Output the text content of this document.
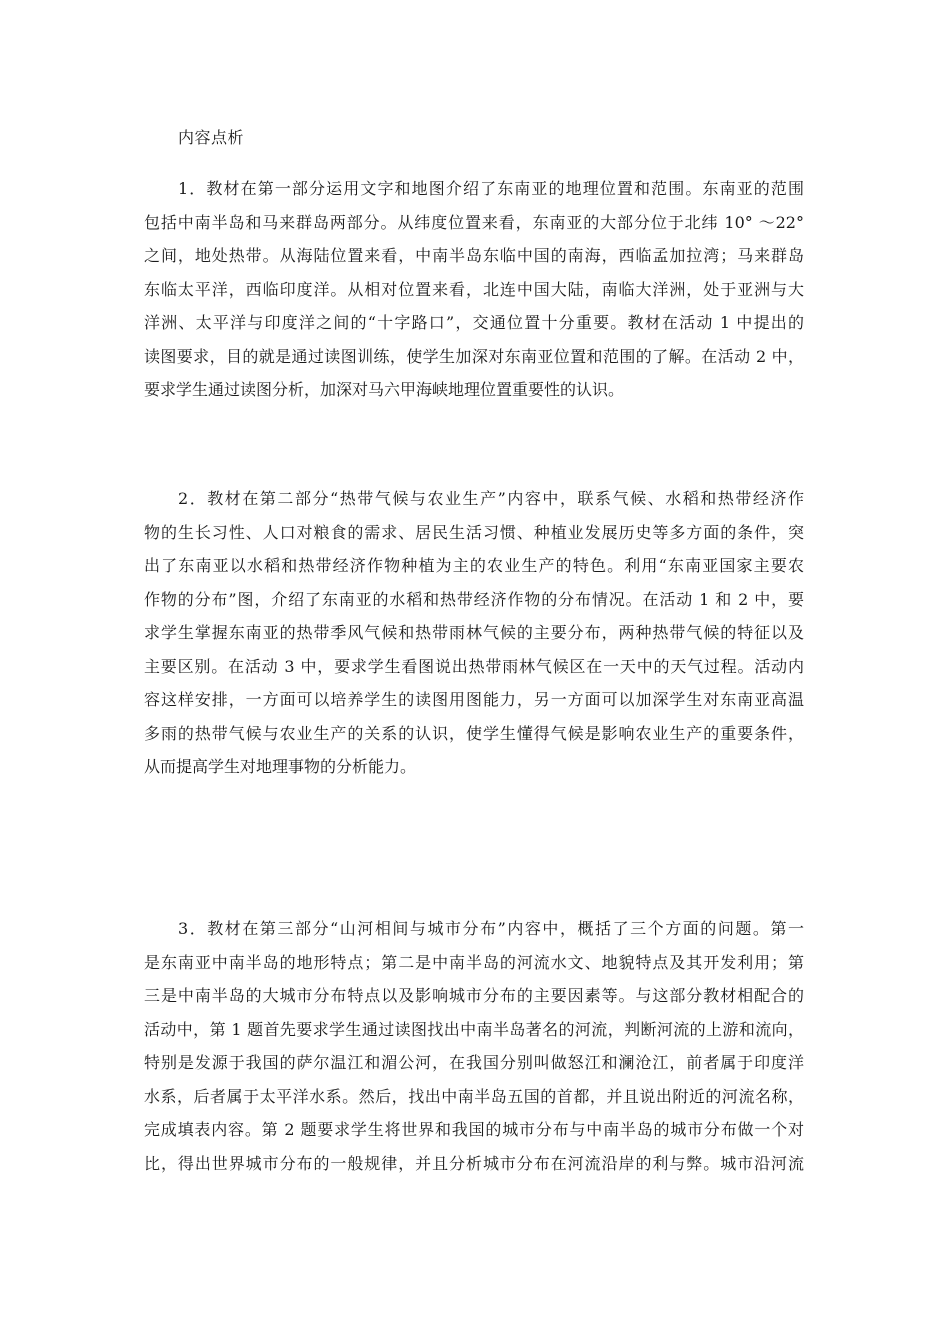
内容点析
1．教材在第一部分运用文字和地图介绍了东南亚的地理位置和范围。东南亚的范围
包括中南半岛和马来群岛两部分。从纬度位置来看，东南亚的大部分位于北纬 10° ～22°
之间，地处热带。从海陆位置来看，中南半岛东临中国的南海，西临孟加拉湾；马来群岛
东临太平洋，西临印度洋。从相对位置来看，北连中国大陆，南临大洋洲，处于亚洲与大
洋洲、太平洋与印度洋之间的“十字路口”，交通位置十分重要。教材在活动 1 中提出的
读图要求，目的就是通过读图训练，使学生加深对东南亚位置和范围的了解。在活动 2 中，
要求学生通过读图分析，加深对马六甲海峡地理位置重要性的认识。
2．教材在第二部分“热带气候与农业生产”内容中，联系气候、水稻和热带经济作
物的生长习性、人口对粮食的需求、居民生活习惯、种植业发展历史等多方面的条件，突
出了东南亚以水稻和热带经济作物种植为主的农业生产的特色。利用“东南亚国家主要农
作物的分布”图，介绍了东南亚的水稻和热带经济作物的分布情况。在活动 1 和 2 中，要
求学生掌握东南亚的热带季风气候和热带雨林气候的主要分布，两种热带气候的特征以及
主要区别。在活动 3 中，要求学生看图说出热带雨林气候区在一天中的天气过程。活动内
容这样安排，一方面可以培养学生的读图用图能力，另一方面可以加深学生对东南亚高温
多雨的热带气候与农业生产的关系的认识，使学生懂得气候是影响农业生产的重要条件，
从而提高学生对地理事物的分析能力。
3．教材在第三部分“山河相间与城市分布”内容中，概括了三个方面的问题。第一
是东南亚中南半岛的地形特点；第二是中南半岛的河流水文、地貌特点及其开发利用；第
三是中南半岛的大城市分布特点以及影响城市分布的主要因素等。与这部分教材相配合的
活动中，第 1 题首先要求学生通过读图找出中南半岛著名的河流，判断河流的上游和流向，
特别是发源于我国的萨尔温江和湄公河，在我国分别叫做怒江和澜沧江，前者属于印度洋
水系，后者属于太平洋水系。然后，找出中南半岛五国的首都，并且说出附近的河流名称，
完成填表内容。第 2 题要求学生将世界和我国的城市分布与中南半岛的城市分布做一个对
比，得出世界城市分布的一般规律，并且分析城市分布在河流沿岸的利与弊。城市沿河流
